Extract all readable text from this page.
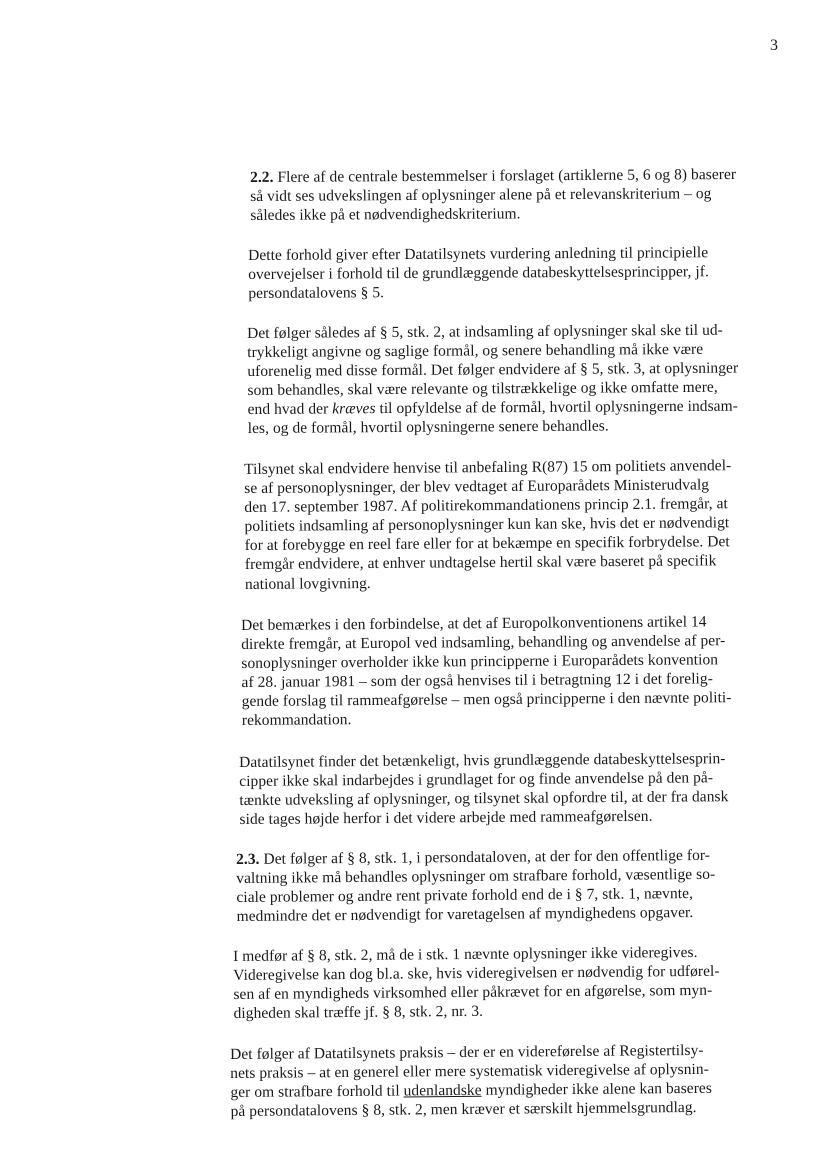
3

2.2. Flere af de centrale bestemmelser i forslaget (artiklerne 5, 6 og 8) baserer
så vidt ses udvekslingen af oplysninger alene på et relevanskriterium – og
således ikke på et nødvendighedskriterium.

Dette forhold giver efter Datatilsynets vurdering anledning til principielle
overvejelser i forhold til de grundlæggende databeskyttelsesprincipper, jf.
persondatalovens § 5.

Det følger således af § 5, stk. 2, at indsamling af oplysninger skal ske til ud-
trykkeligt angivne og saglige formål, og senere behandling må ikke være
uforenelig med disse formål. Det følger endvidere af § 5, stk. 3, at oplysninger
som behandles, skal være relevante og tilstrækkelige og ikke omfatte mere,
end hvad der kræves til opfyldelse af de formål, hvortil oplysningerne indsam-
les, og de formål, hvortil oplysningerne senere behandles.

Tilsynet skal endvidere henvise til anbefaling R(87) 15 om politiets anvendel-
se af personoplysninger, der blev vedtaget af Europarådets Ministerudvalg
den 17. september 1987. Af politirekommandationens princip 2.1. fremgår, at
politiets indsamling af personoplysninger kun kan ske, hvis det er nødvendigt
for at forebygge en reel fare eller for at bekæmpe en specifik forbrydelse. Det
fremgår endvidere, at enhver undtagelse hertil skal være baseret på specifik
national lovgivning.

Det bemærkes i den forbindelse, at det af Europolkonventionens artikel 14
direkte fremgår, at Europol ved indsamling, behandling og anvendelse af per-
sonoplysninger overholder ikke kun principperne i Europarådets konvention
af 28. januar 1981 – som der også henvises til i betragtning 12 i det forelig-
gende forslag til rammeafgørelse – men også principperne i den nævnte politi-
rekommandation.

Datatilsynet finder det betænkeligt, hvis grundlæggende databeskyttelsesprin-
cipper ikke skal indarbejdes i grundlaget for og finde anvendelse på den på-
tænkte udveksling af oplysninger, og tilsynet skal opfordre til, at der fra dansk
side tages højde herfor i det videre arbejde med rammeafgørelsen.

2.3. Det følger af § 8, stk. 1, i persondataloven, at der for den offentlige for-
valtning ikke må behandles oplysninger om strafbare forhold, væsentlige so-
ciale problemer og andre rent private forhold end de i § 7, stk. 1, nævnte,
medmindre det er nødvendigt for varetagelsen af myndighedens opgaver.

I medfør af § 8, stk. 2, må de i stk. 1 nævnte oplysninger ikke videregives.
Videregivelse kan dog bl.a. ske, hvis videregivelsen er nødvendig for udførel-
sen af en myndigheds virksomhed eller påkrævet for en afgørelse, som myn-
digheden skal træffe jf. § 8, stk. 2, nr. 3.

Det følger af Datatilsynets praksis – der er en videreførelse af Registertilsy-
nets praksis – at en generel eller mere systematisk videregivelse af oplysnin-
ger om strafbare forhold til udenlandske myndigheder ikke alene kan baseres
på persondatalovens § 8, stk. 2, men kræver et særskilt hjemmelsgrundlag.
